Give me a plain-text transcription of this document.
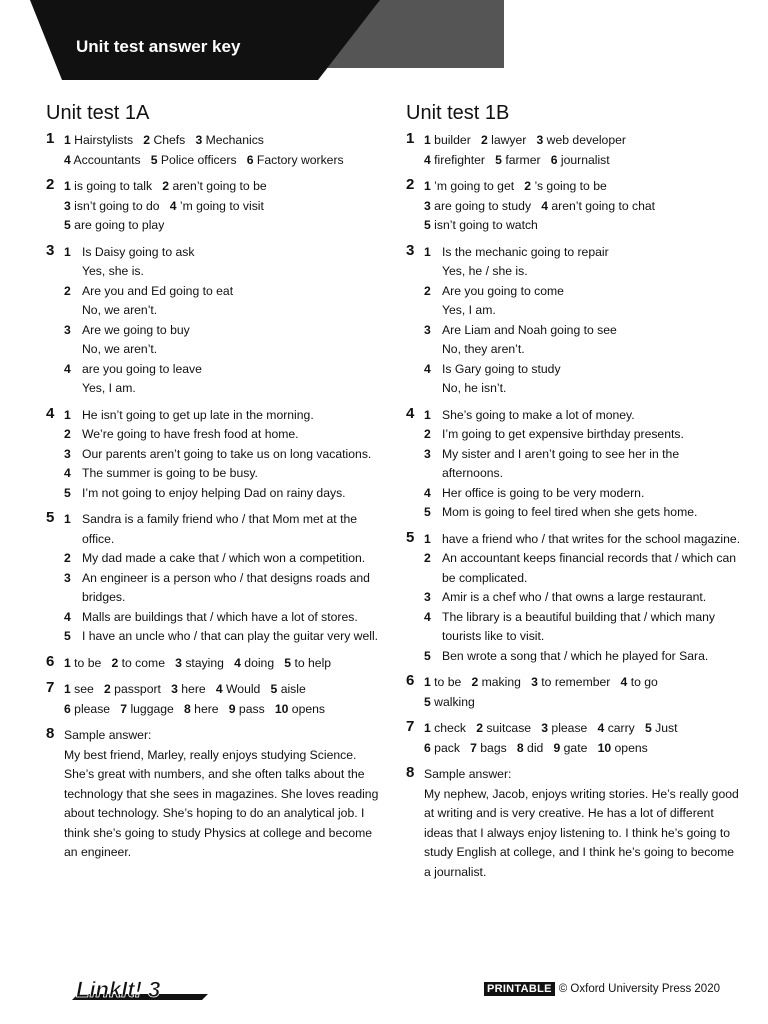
Unit test answer key
Unit test 1A
1 1 Hairstylists 2 Chefs 3 Mechanics
4 Accountants 5 Police officers 6 Factory workers
2 1 is going to talk 2 aren’t going to be
3 isn’t going to do 4 ’m going to visit
5 are going to play
3 1 Is Daisy going to ask
Yes, she is.
2 Are you and Ed going to eat
No, we aren’t.
3 Are we going to buy
No, we aren’t.
4 are you going to leave
Yes, I am.
4 1 He isn’t going to get up late in the morning.
2 We’re going to have fresh food at home.
3 Our parents aren’t going to take us on long vacations.
4 The summer is going to be busy.
5 I’m not going to enjoy helping Dad on rainy days.
5 1 Sandra is a family friend who / that Mom met at the office.
2 My dad made a cake that / which won a competition.
3 An engineer is a person who / that designs roads and bridges.
4 Malls are buildings that / which have a lot of stores.
5 I have an uncle who / that can play the guitar very well.
6 1 to be 2 to come 3 staying 4 doing 5 to help
7 1 see 2 passport 3 here 4 Would 5 aisle
6 please 7 luggage 8 here 9 pass 10 opens
8 Sample answer:
My best friend, Marley, really enjoys studying Science. She’s great with numbers, and she often talks about the technology that she sees in magazines. She loves reading about technology. She’s hoping to do an analytical job. I think she’s going to study Physics at college and become an engineer.
Unit test 1B
1 1 builder 2 lawyer 3 web developer
4 firefighter 5 farmer 6 journalist
2 1 ’m going to get 2 ’s going to be
3 are going to study 4 aren’t going to chat
5 isn’t going to watch
3 1 Is the mechanic going to repair
Yes, he / she is.
2 Are you going to come
Yes, I am.
3 Are Liam and Noah going to see
No, they aren’t.
4 Is Gary going to study
No, he isn’t.
4 1 She’s going to make a lot of money.
2 I’m going to get expensive birthday presents.
3 My sister and I aren’t going to see her in the afternoons.
4 Her office is going to be very modern.
5 Mom is going to feel tired when she gets home.
5 1 have a friend who / that writes for the school magazine.
2 An accountant keeps financial records that / which can be complicated.
3 Amir is a chef who / that owns a large restaurant.
4 The library is a beautiful building that / which many tourists like to visit.
5 Ben wrote a song that / which he played for Sara.
6 1 to be 2 making 3 to remember 4 to go
5 walking
7 1 check 2 suitcase 3 please 4 carry 5 Just
6 pack 7 bags 8 did 9 gate 10 opens
8 Sample answer:
My nephew, Jacob, enjoys writing stories. He’s really good at writing and is very creative. He has a lot of different ideas that I always enjoy listening to. I think he’s going to study English at college, and I think he’s going to become a journalist.
LinkIt! 3	PRINTABLE © Oxford University Press 2020
